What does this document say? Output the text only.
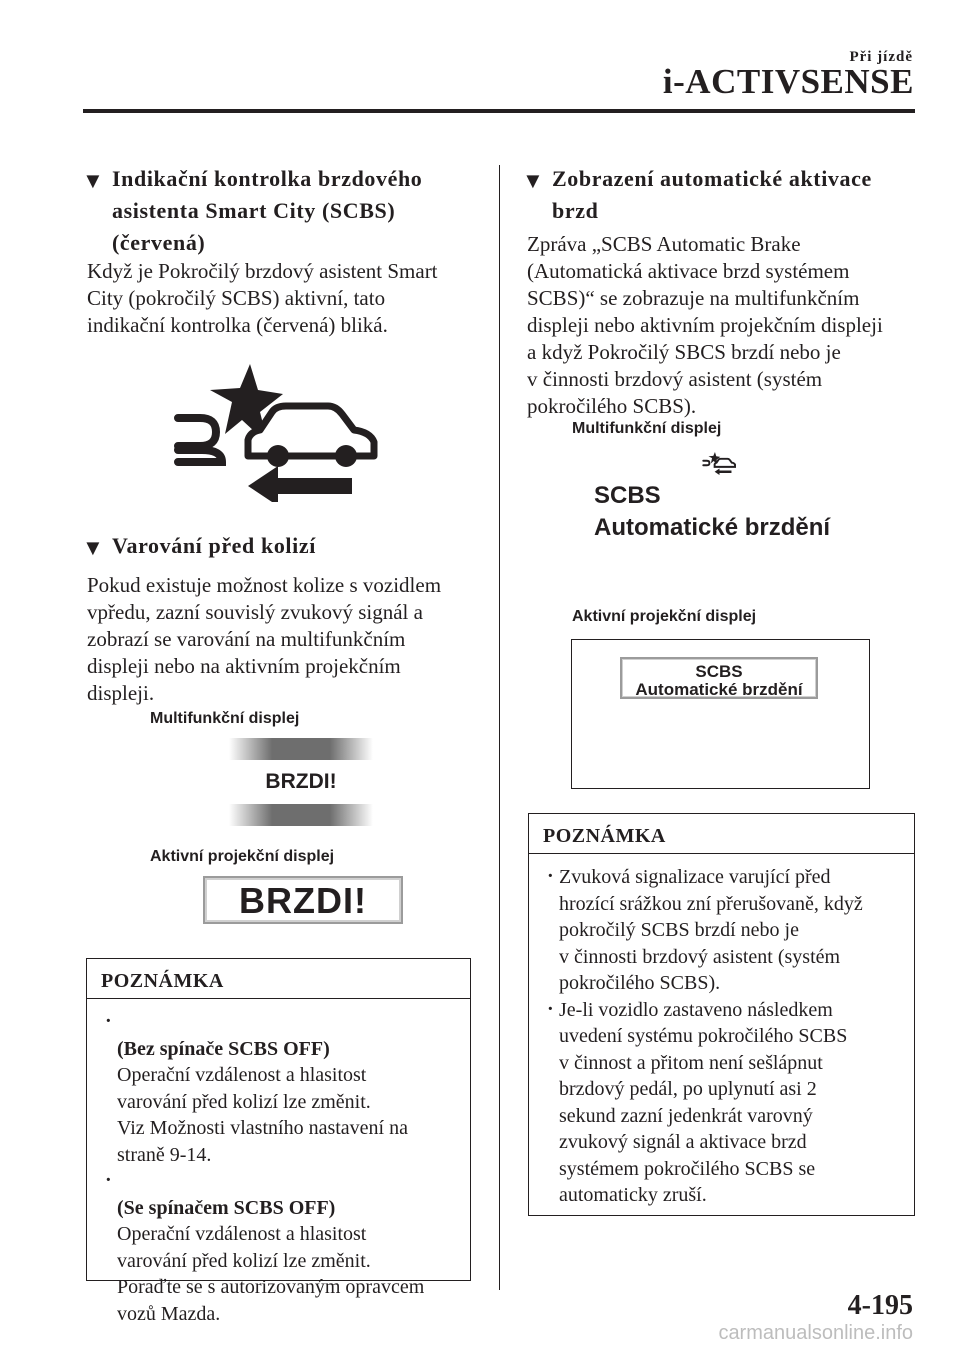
Při jízdě
i-ACTIVSENSE
▼ Indikační kontrolka brzdového
asistenta Smart City (SCBS)
(červená)
Když je Pokročilý brzdový asistent Smart
City (pokročilý SCBS) aktivní, tato
indikační kontrolka (červená) bliká.
▼ Varování před kolizí
Pokud existuje možnost kolize s vozidlem
vpředu, zazní souvislý zvukový signál a
zobrazí se varování na multifunkčním
displeji nebo na aktivním projekčním
displeji.
Multifunkční displej
BRZDI!
Aktivní projekční displej
BRZDI!
POZNÁMKA

· (Bez spínače SCBS OFF)
Operační vzdálenost a hlasitost
varování před kolizí lze změnit.
Viz Možnosti vlastního nastavení na
straně 9-14.

· (Se spínačem SCBS OFF)
Operační vzdálenost a hlasitost
varování před kolizí lze změnit.
Poraďte se s autorizovaným opravcem
vozů Mazda.

▼ Zobrazení automatické aktivace
brzd
Zpráva „SCBS Automatic Brake
(Automatická aktivace brzd systémem
SCBS)“ se zobrazuje na multifunkčním
displeji nebo aktivním projekčním displeji
a když Pokročilý SBCS brzdí nebo je
v činnosti brzdový asistent (systém
pokročilého SCBS).
Multifunkční displej
SCBS
Automatické brzdění
Aktivní projekční displej
SCBS
Automatické brzdění
POZNÁMKA
· Zvuková signalizace varující před
hrozící srážkou zní přerušovaně, když
pokročilý SCBS brzdí nebo je
v činnosti brzdový asistent (systém
pokročilého SCBS).
· Je-li vozidlo zastaveno následkem
uvedení systému pokročilého SCBS
v činnost a přitom není sešlápnut
brzdový pedál, po uplynutí asi 2
sekund zazní jedenkrát varovný
zvukový signál a aktivace brzd
systémem pokročilého SCBS se
automaticky zruší.
4-195
carmanualsonline.info
